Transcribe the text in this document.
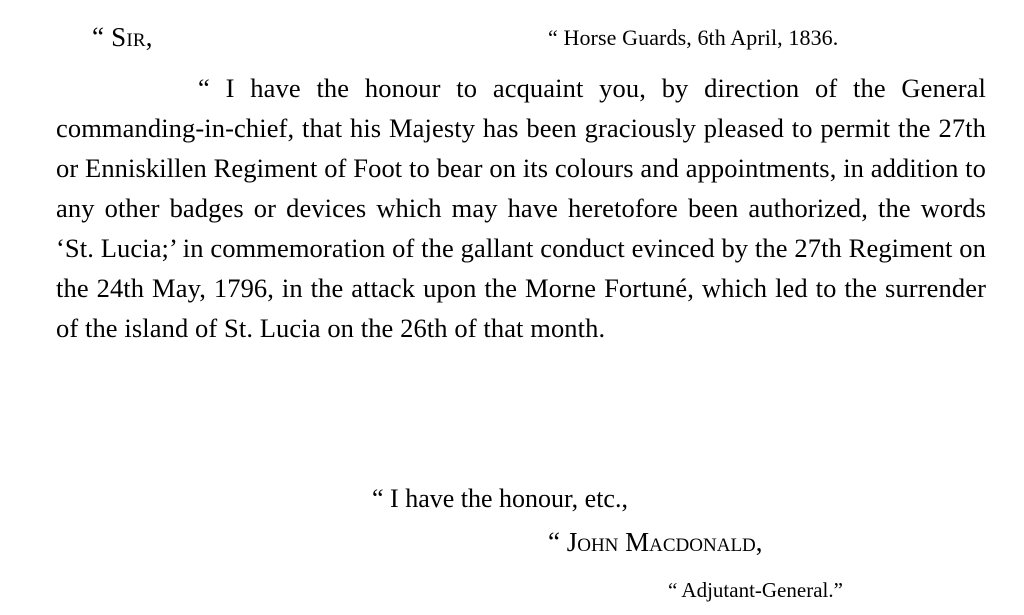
“ Sir,	“ Horse Guards, 6th April, 1836.

“ I have the honour to acquaint you, by direction of the General commanding-in-chief, that his Majesty has been graciously pleased to permit the 27th or Enniskillen Regiment of Foot to bear on its colours and appointments, in addition to any other badges or devices which may have heretofore been authorized, the words ‘St. Lucia;’ in commemoration of the gallant conduct evinced by the 27th Regiment on the 24th May, 1796, in the attack upon the Morne Fortuné, which led to the surrender of the island of St. Lucia on the 26th of that month.

“ I have the honour, etc.,
“ John Macdonald,
“ Adjutant-General.”
